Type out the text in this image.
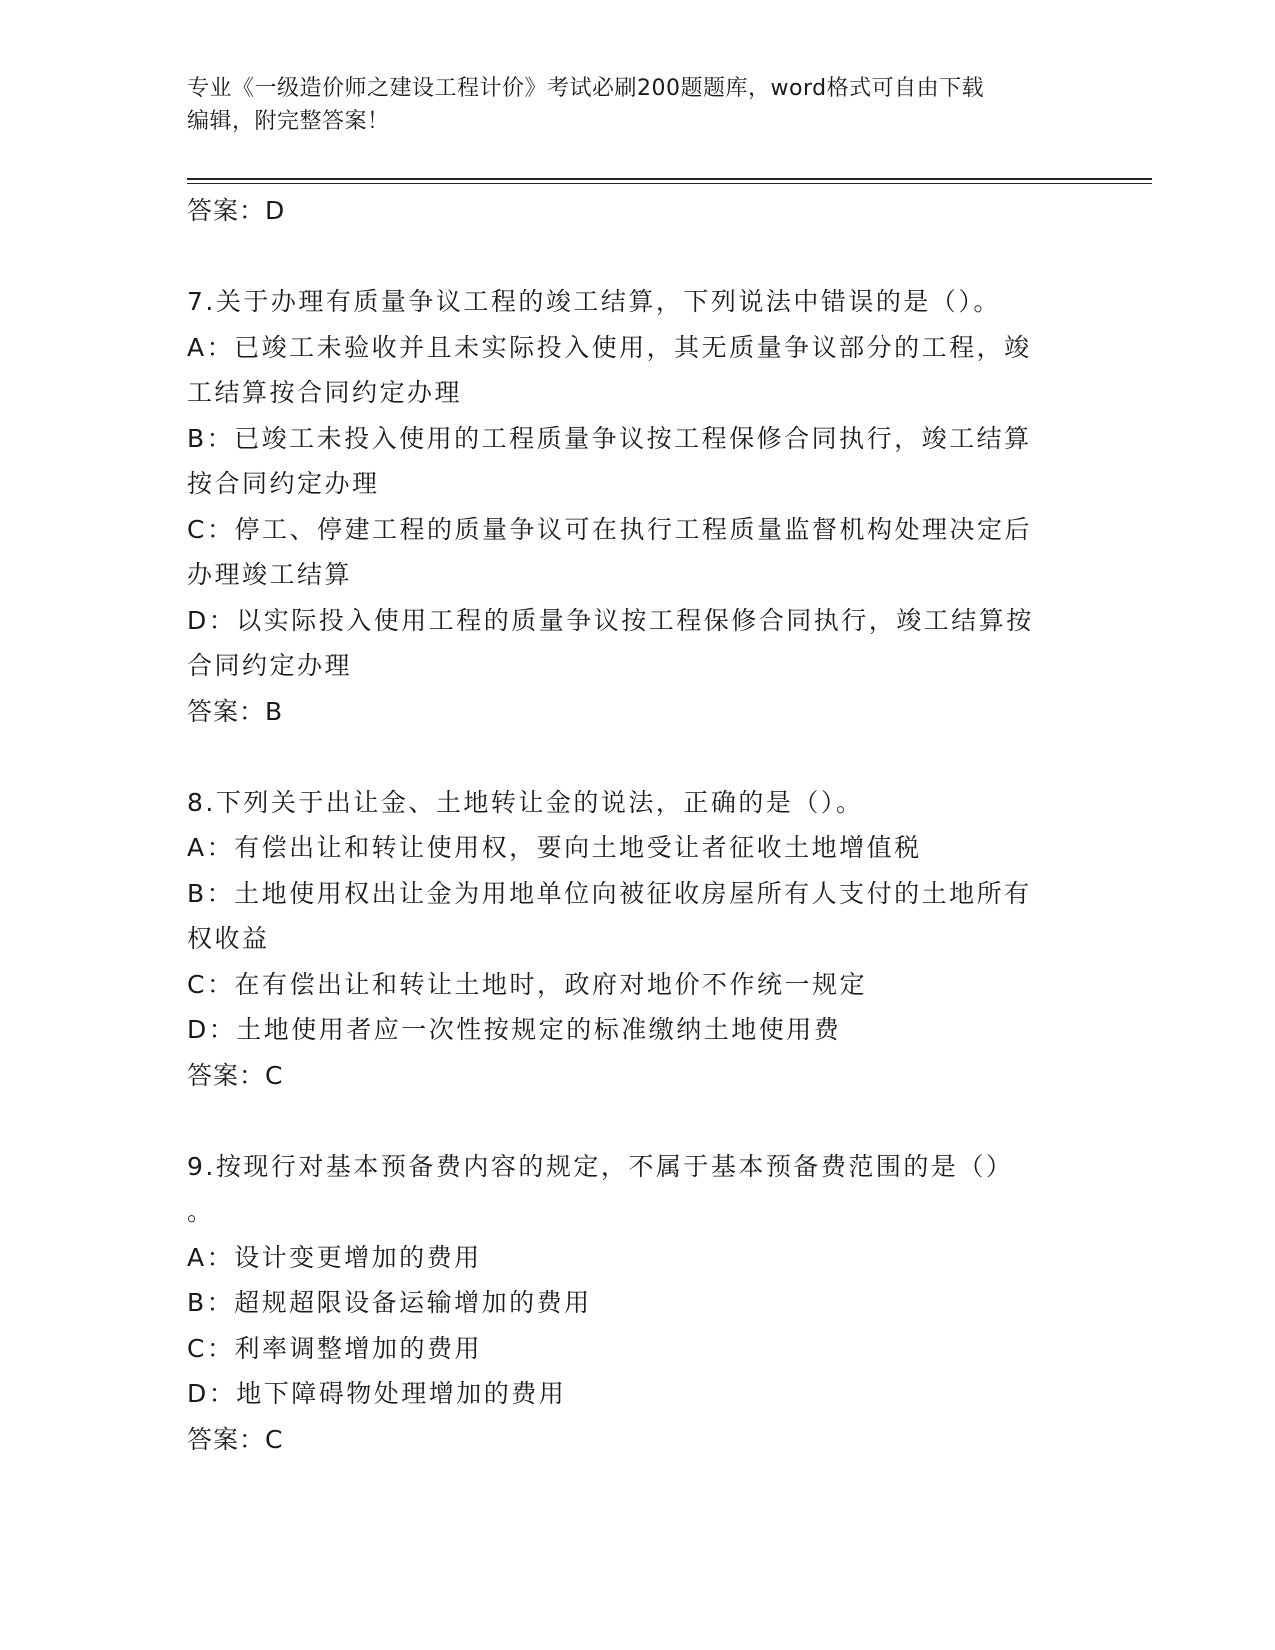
专业《一级造价师之建设工程计价》考试必刷200题题库，word格式可自由下载
编辑，附完整答案！
答案：D
7.关于办理有质量争议工程的竣工结算，下列说法中错误的是（）。
A：已竣工未验收并且未实际投入使用，其无质量争议部分的工程，竣
工结算按合同约定办理
B：已竣工未投入使用的工程质量争议按工程保修合同执行，竣工结算
按合同约定办理
C：停工、停建工程的质量争议可在执行工程质量监督机构处理决定后
办理竣工结算
D：以实际投入使用工程的质量争议按工程保修合同执行，竣工结算按
合同约定办理
答案：B
8.下列关于出让金、土地转让金的说法，正确的是（）。
A：有偿出让和转让使用权，要向土地受让者征收土地增值税
B：土地使用权出让金为用地单位向被征收房屋所有人支付的土地所有
权收益
C：在有偿出让和转让土地时，政府对地价不作统一规定
D：土地使用者应一次性按规定的标准缴纳土地使用费
答案：C
9.按现行对基本预备费内容的规定，不属于基本预备费范围的是（）
。
A：设计变更增加的费用
B：超规超限设备运输增加的费用
C：利率调整增加的费用
D：地下障碍物处理增加的费用
答案：C
